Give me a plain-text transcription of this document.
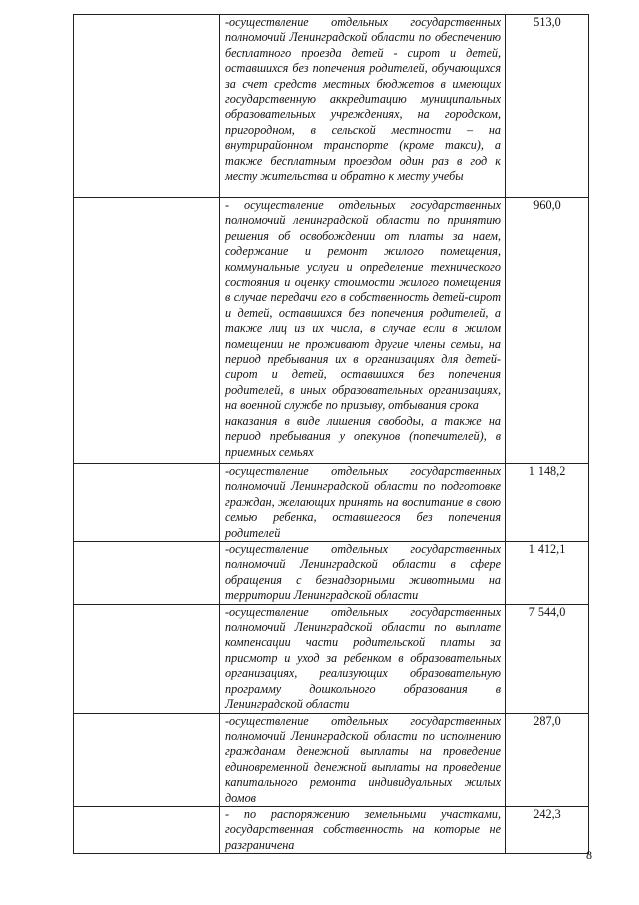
	-осуществление отдельных государственных полномочий Ленинградской области по обеспечению бесплатного проезда детей - сирот и детей, оставшихся без попечения родителей, обучающихся за счет средств местных бюджетов в имеющих государственную аккредитацию муниципальных образовательных учреждениях, на городском, пригородном, в сельской местности – на внутрирайонном транспорте (кроме такси), а также бесплатным проездом один раз в год к месту жительства и обратно к месту учебы	513,0

	- осуществление отдельных государственных полномочий ленинградской области по принятию решения об освобождении от платы за наем, содержание и ремонт жилого помещения, коммунальные услуги и определение технического состояния и оценку стоимости жилого помещения в случае передачи его в собственность детей-сирот и детей, оставшихся без попечения родителей, а также лиц из их числа, в случае если в жилом помещении не проживают другие члены семьи, на период пребывания их в организациях для детей-сирот и детей, оставшихся без попечения родителей, в иных образовательных организациях, на военной службе по призыву, отбывания срока
наказания в виде лишения свободы, а также на период пребывания у опекунов (попечителей), в приемных семьях	960,0
	-осуществление отдельных государственных полномочий Ленинградской области по подготовке граждан, желающих принять на воспитание в свою семью ребенка, оставшегося без попечения родителей	1 148,2
	-осуществление отдельных государственных полномочий Ленинградской области в сфере обращения с безнадзорными животными на территории Ленинградской области	1 412,1
	-осуществление отдельных государственных полномочий Ленинградской области по выплате компенсации части родительской платы за присмотр и уход за ребенком в образовательных организациях, реализующих образовательную программу дошкольного образования в Ленинградской области	7 544,0
	-осуществление отдельных государственных полномочий Ленинградской области по исполнению гражданам денежной выплаты на проведение единовременной денежной выплаты на проведение капитального ремонта индивидуальных жилых домов	287,0
	- по распоряжению земельными участками, государственная собственность на которые не разграничена	242,3
8
